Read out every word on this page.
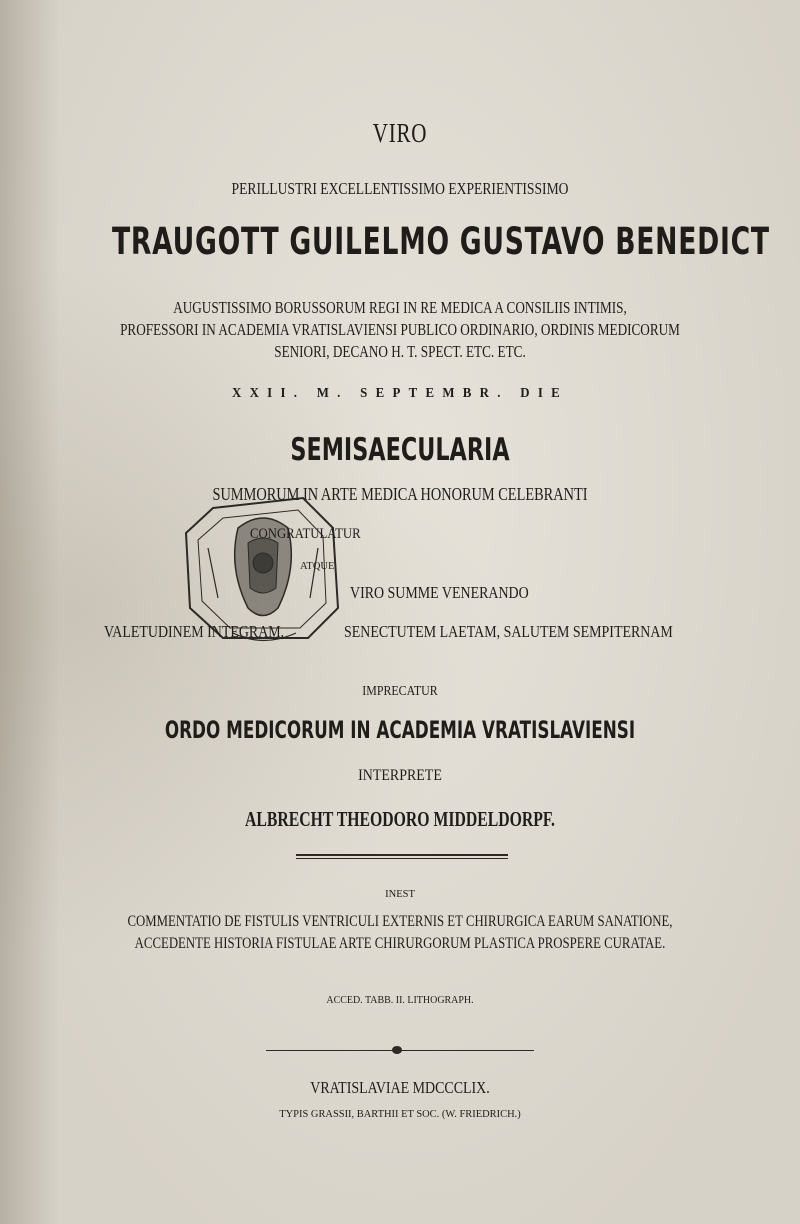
VIRO
PERILLUSTRI EXCELLENTISSIMO EXPERIENTISSIMO
TRAUGOTT GUILELMO GUSTAVO BENEDICT
AUGUSTISSIMO BORUSSORUM REGI IN RE MEDICA A CONSILIIS INTIMIS,
PROFESSORI IN ACADEMIA VRATISLAVIENSI PUBLICO ORDINARIO, ORDINIS MEDICORUM
SENIORI, DECANO H. T. SPECT. ETC. ETC.
XXII. M. SEPTEMBR. DIE
SEMISAECULARIA
SUMMORUM IN ARTE MEDICA HONORUM CELEBRANTI
CONGRATULATUR
ATQUE
VIRO SUMME VENERANDO
VALETUDINEM INTEGRAM,	SENECTUTEM LAETAM, SALUTEM SEMPITERNAM
IMPRECATUR
ORDO MEDICORUM IN ACADEMIA VRATISLAVIENSI
INTERPRETE
ALBRECHT THEODORO MIDDELDORPF.
INEST
COMMENTATIO DE FISTULIS VENTRICULI EXTERNIS ET CHIRURGICA EARUM SANATIONE,
ACCEDENTE HISTORIA FISTULAE ARTE CHIRURGORUM PLASTICA PROSPERE CURATAE.
ACCED. TABB. II. LITHOGRAPH.
VRATISLAVIAE MDCCCLIX.
TYPIS GRASSII, BARTHII ET SOC. (W. FRIEDRICH.)
